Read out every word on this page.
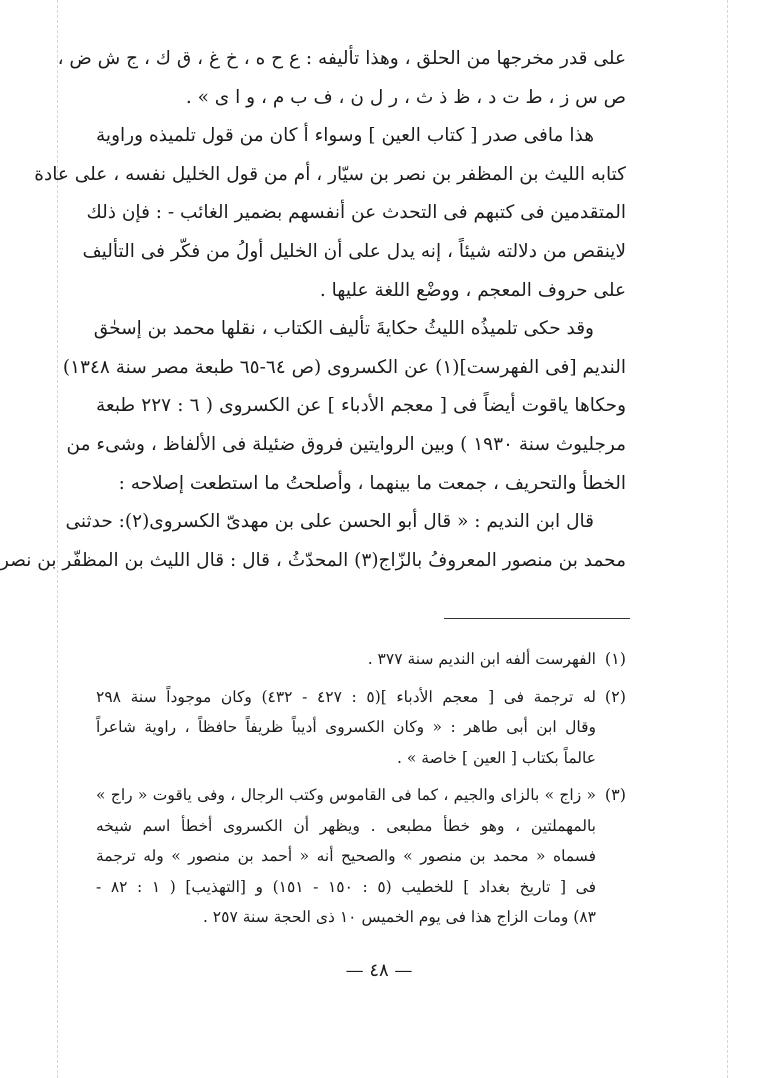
على قدر مخرجها من الحلق ، وهذا تأليفه : ع ح ه ، خ غ ، ق ك ، ج ش ض ،
ص س ز ، ط ت د ، ظ ذ ث ، ر ل ن ، ف ب م ، و ا ى » .
هذا مافى صدر [ كتاب العين ] وسواء أ كان من قول تلميذه وراوية
كتابه الليث بن المظفر بن نصر بن سيّار ، أم من قول الخليل نفسه ، على عادة
المتقدمين فى كتبهم فى التحدث عن أنفسهم بضمير الغائب - : فإن ذلك
لاينقص من دلالته شيئاً ، إنه يدل على أن الخليل أولُ من فكّر فى التأليف
على حروف المعجم ، ووضْع اللغة عليها .
وقد حكى تلميذُه الليثُ حكايةَ تأليف الكتاب ، نقلها محمد بن إسحٰق
النديم [فى الفهرست](١) عن الكسروى (ص ٦٤-٦٥ طبعة مصر سنة ١٣٤٨)
وحكاها ياقوت أيضاً فى [ معجم الأدباء ] عن الكسروى ( ٦ : ٢٢٧ طبعة
مرجليوث سنة ١٩٣٠ ) وبين الروايتين فروق ضئيلة فى الألفاظ ، وشىء من
الخطأ والتحريف ، جمعت ما بينهما ، وأصلحتُ ما استطعت إصلاحه :
قال ابن النديم : « قال أبو الحسن على بن مهدىّ الكسروى(٢): حدثنى
محمد بن منصور المعروفُ بالزّاج(٣) المحدّثُ ، قال : قال الليث بن المظفّر بن نصر
(١)
الفهرست ألفه ابن النديم سنة ٣٧٧ .
(٢)
له ترجمة فى [ معجم الأدباء ](٥ : ٤٢٧ - ٤٣٢) وكان موجوداً سنة ٢٩٨
وقال ابن أبى طاهر : « وكان الكسروى أديباً ظريفاً حافظاً ، راوية شاعراً
عالماً بكتاب [ العين ] خاصة » .
(٣)
« زاج » بالزاى والجيم ، كما فى القاموس وكتب الرجال ، وفى ياقوت « راج »
بالمهملتين ، وهو خطأ مطبعى . ويظهر أن الكسروى أخطأ اسم شيخه
فسماه « محمد بن منصور » والصحيح أنه « أحمد بن منصور » وله ترجمة
فى [ تاريخ بغداد ] للخطيب (٥ : ١٥٠ - ١٥١) و [التهذيب] ( ١ : ٨٢ -
٨٣) ومات الزاج هذا فى يوم الخميس ١٠ ذى الحجة سنة ٢٥٧ .
— ٤٨ —
